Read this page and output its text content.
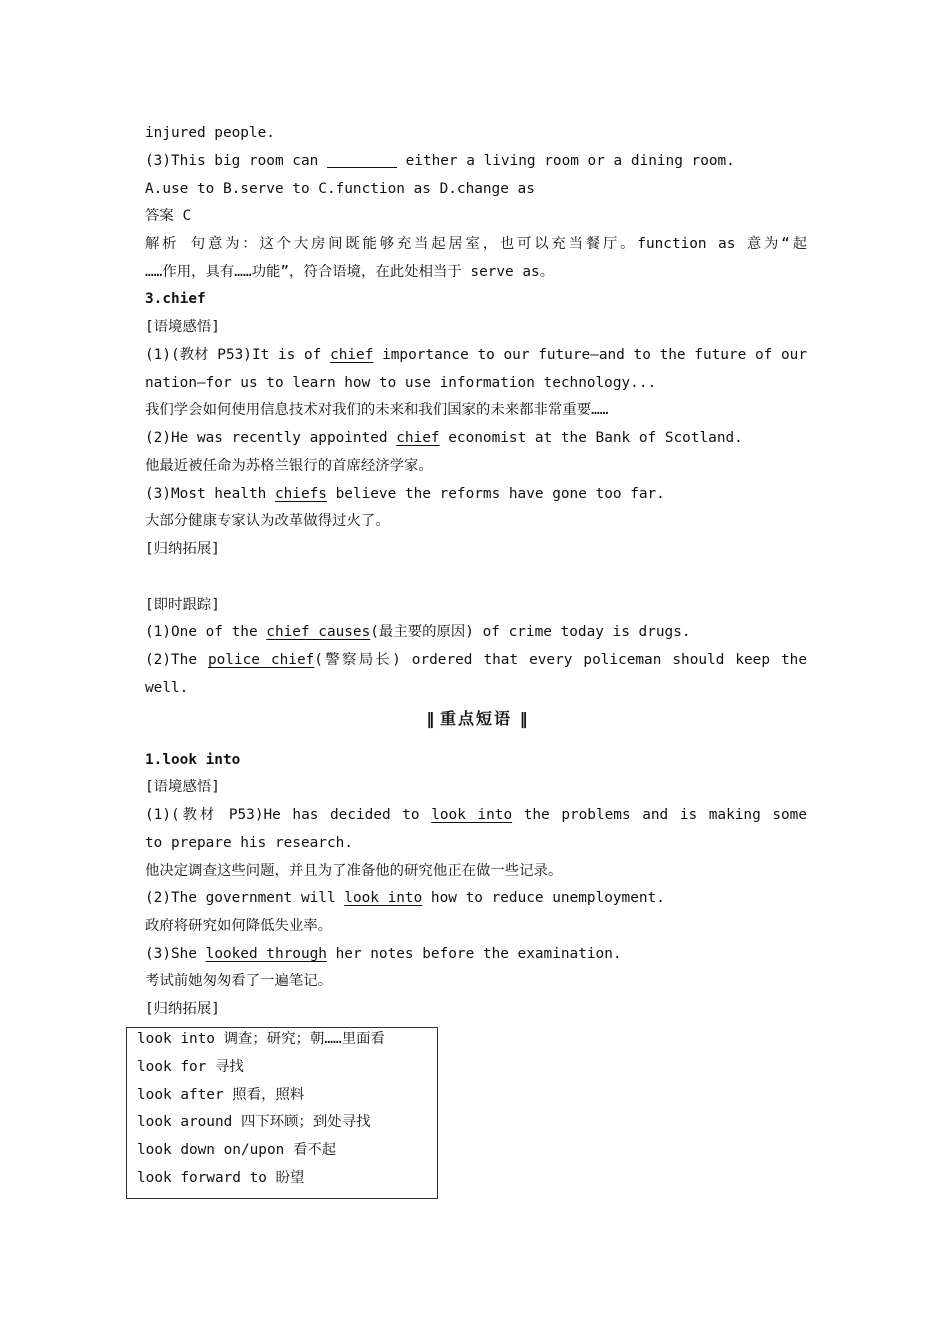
injured people.
(3)This big room can	either a living room or a dining room.
A.use to B.serve to C.function as D.change as
答案 C
解析 句意为：这个大房间既能够充当起居室，也可以充当餐厅。function as 意为“起
……作用，具有……功能”，符合语境，在此处相当于 serve as。
3.chief
[语境感悟]
(1)(教材 P53)It is of chief importance to our future—and to the future of our
nation—for us to learn how to use information technology...
我们学会如何使用信息技术对我们的未来和我们国家的未来都非常重要……
(2)He was recently appointed chief economist at the Bank of Scotland.
他最近被任命为苏格兰银行的首席经济学家。
(3)Most health chiefs believe the reforms have gone too far.
大部分健康专家认为改革做得过火了。
[归纳拓展]
[即时跟踪]
(1)One of the chief causes(最主要的原因) of crime today is drugs.
(2)The police chief(警察局长) ordered that every policeman should keep the
well.
‖ 重点短语 ‖
1.look into
[语境感悟]
(1)(教材 P53)He has decided to look into the problems and is making some
to prepare his research.
他决定调查这些问题，并且为了准备他的研究他正在做一些记录。
(2)The government will look into how to reduce unemployment.
政府将研究如何降低失业率。
(3)She looked through her notes before the examination.
考试前她匆匆看了一遍笔记。
[归纳拓展]
look into 调查；研究；朝……里面看
look for 寻找
look after 照看，照料
look around 四下环顾；到处寻找
look down on/upon 看不起
look forward to 盼望
